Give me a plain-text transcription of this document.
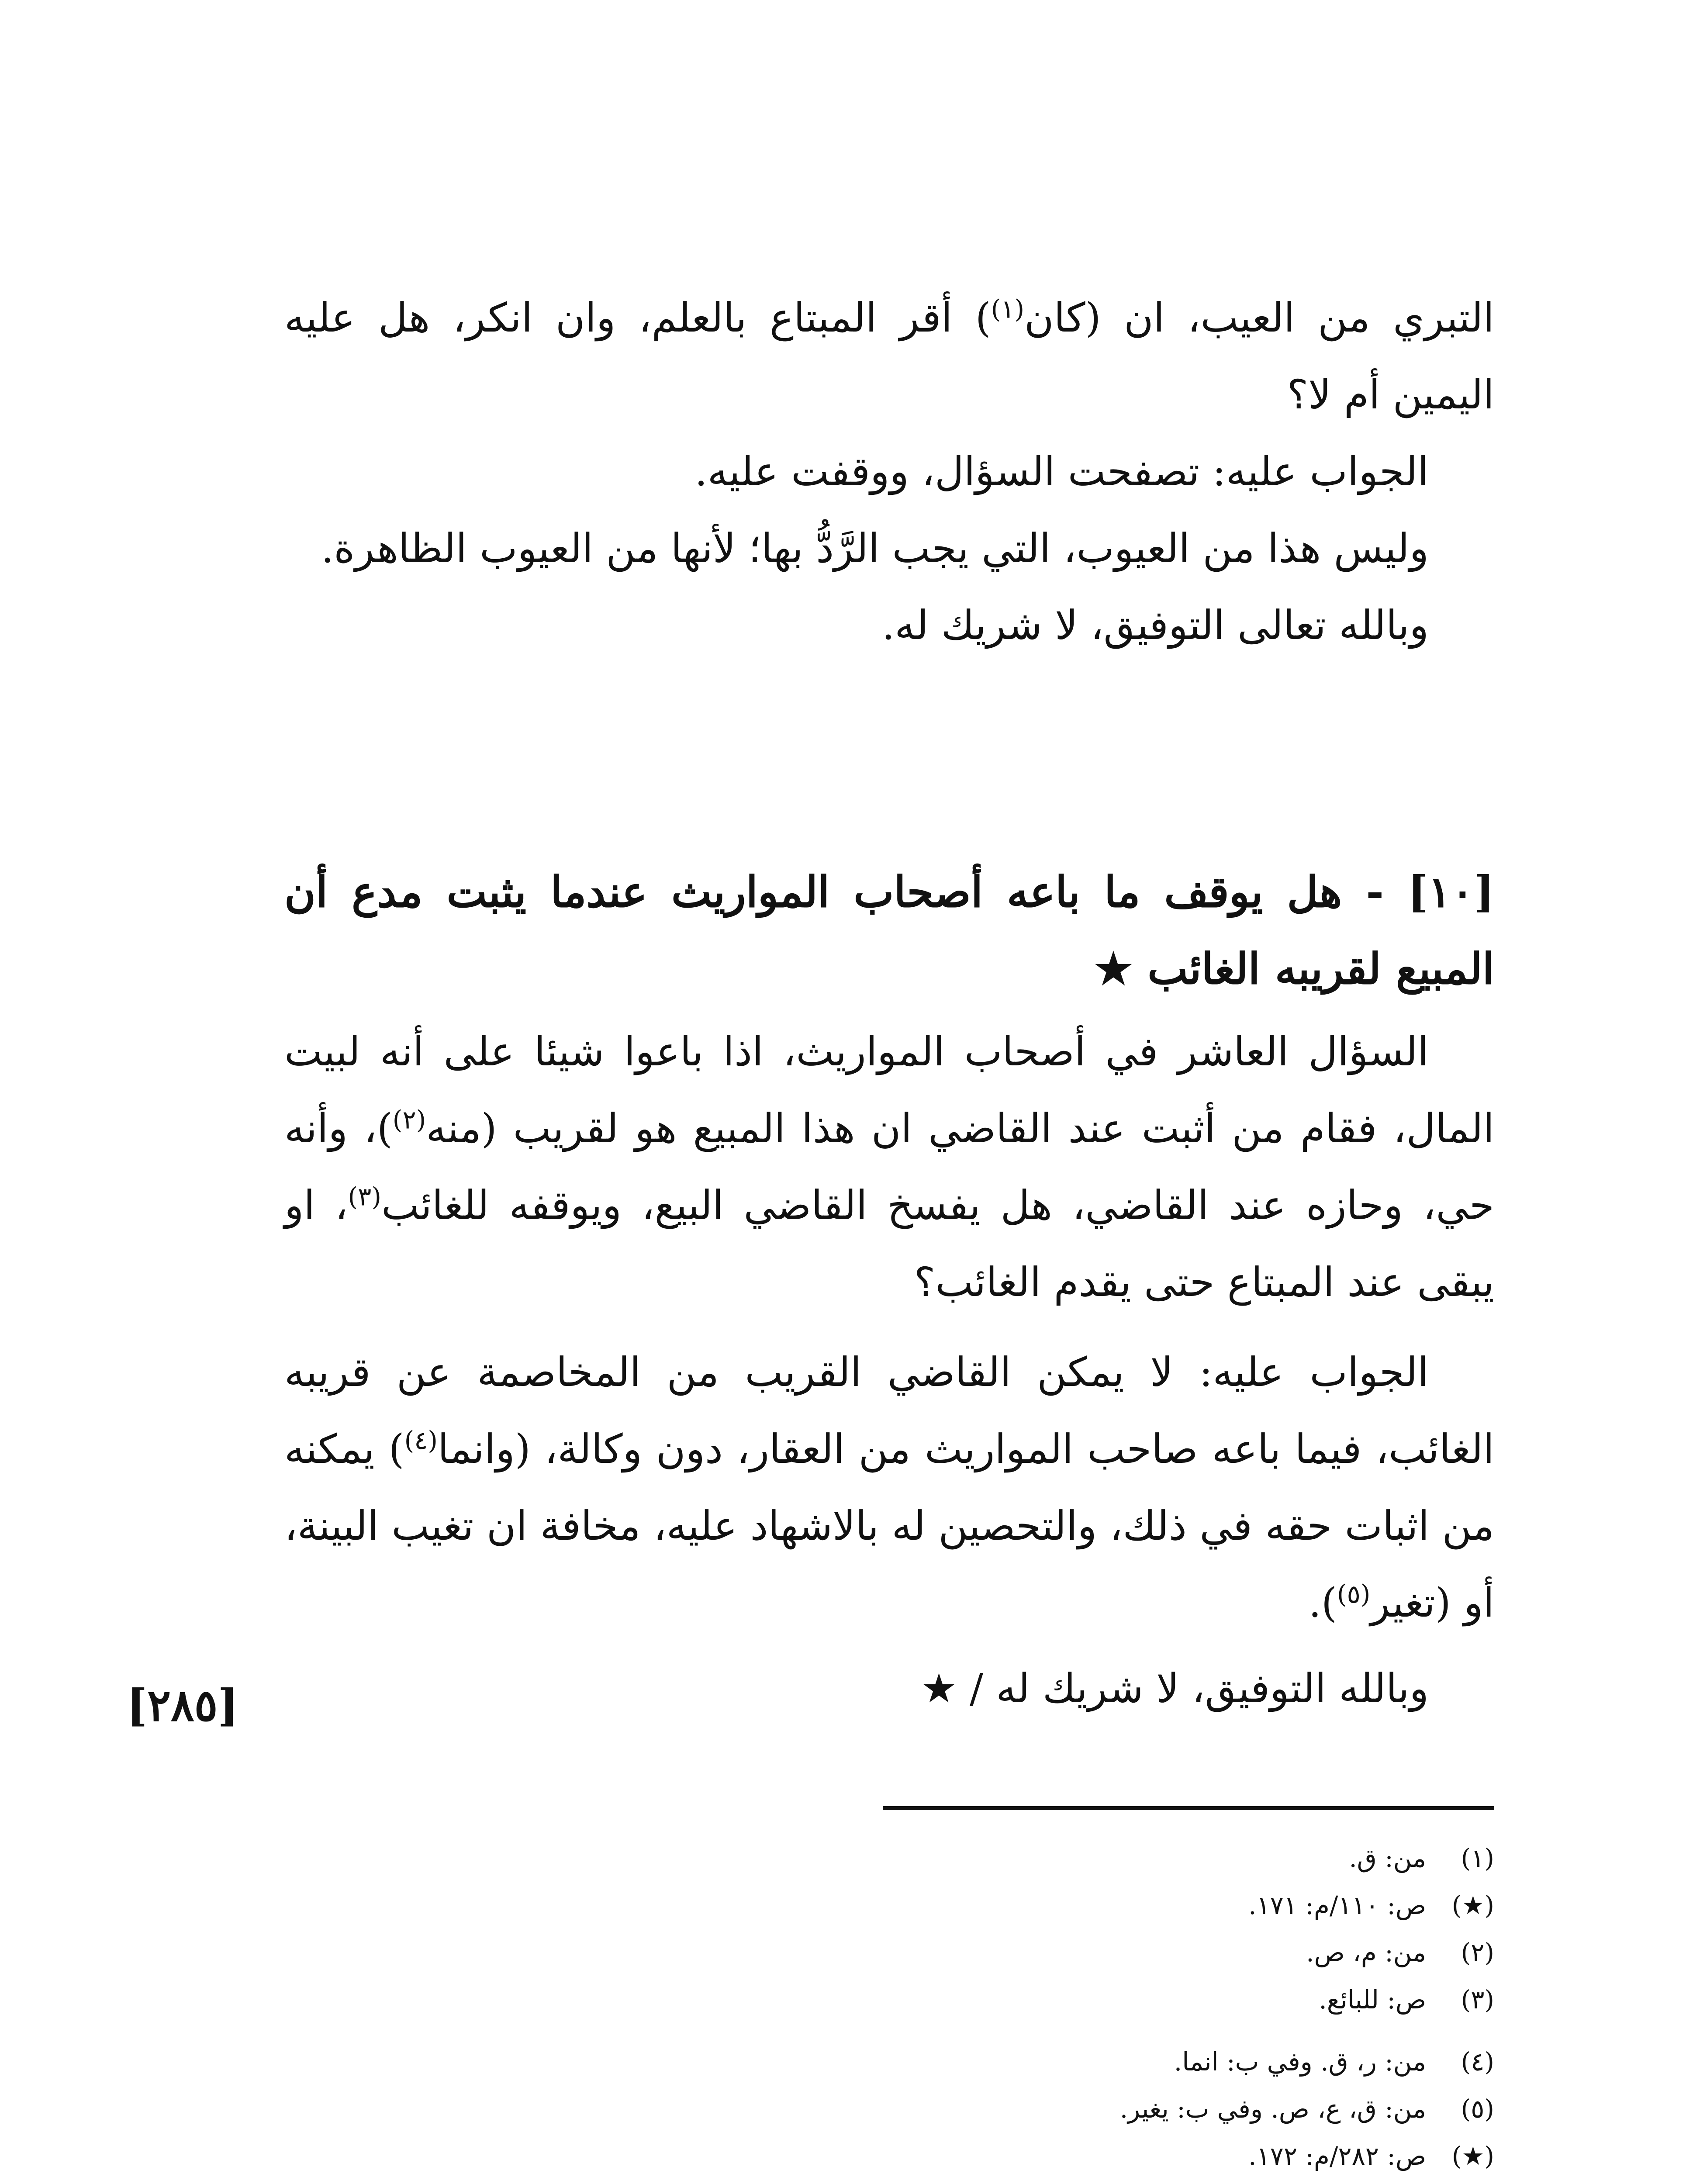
التبري من العيب، ان (كان$^{(١)}$) أقر المبتاع بالعلم، وان انكر، هل عليه اليمين أم لا؟

الجواب عليه: تصفحت السؤال، ووقفت عليه.

وليس هذا من العيوب، التي يجب الرَّدُّ بها؛ لأنها من العيوب الظاهرة.

وبالله تعالى التوفيق، لا شريك له.

[١٠] - هل يوقف ما باعه أصحاب المواريث عندما يثبت مدع أن المبيع لقريبه الغائب ★

السؤال العاشر في أصحاب المواريث، اذا باعوا شيئا على أنه لبيت المال، فقام من أثبت عند القاضي ان هذا المبيع هو لقريب (منه$^{(٢)}$)، وأنه حي، وحازه عند القاضي، هل يفسخ القاضي البيع، ويوقفه للغائب$^{(٣)}$، او يبقى عند المبتاع حتى يقدم الغائب؟

الجواب عليه: لا يمكن القاضي القريب من المخاصمة عن قريبه الغائب، فيما باعه صاحب المواريث من العقار، دون وكالة، (وانما$^{(٤)}$) يمكنه من اثبات حقه في ذلك، والتحصين له بالاشهاد عليه، مخافة ان تغيب البينة، أو (تغير$^{(٥)}$).

وبالله التوفيق، لا شريك له / ★

[٢٨٥]
(١)
من: ق.
(★)
ص: ١١٠/م: ١٧١.
(٢)
من: م، ص.
(٣)
ص: للبائع.
(٤)
من: ر، ق. وفي ب: انما.
(٥)
من: ق، ع، ص. وفي ب: يغير.
(★)
ص: ٢٨٢/م: ١٧٢.
